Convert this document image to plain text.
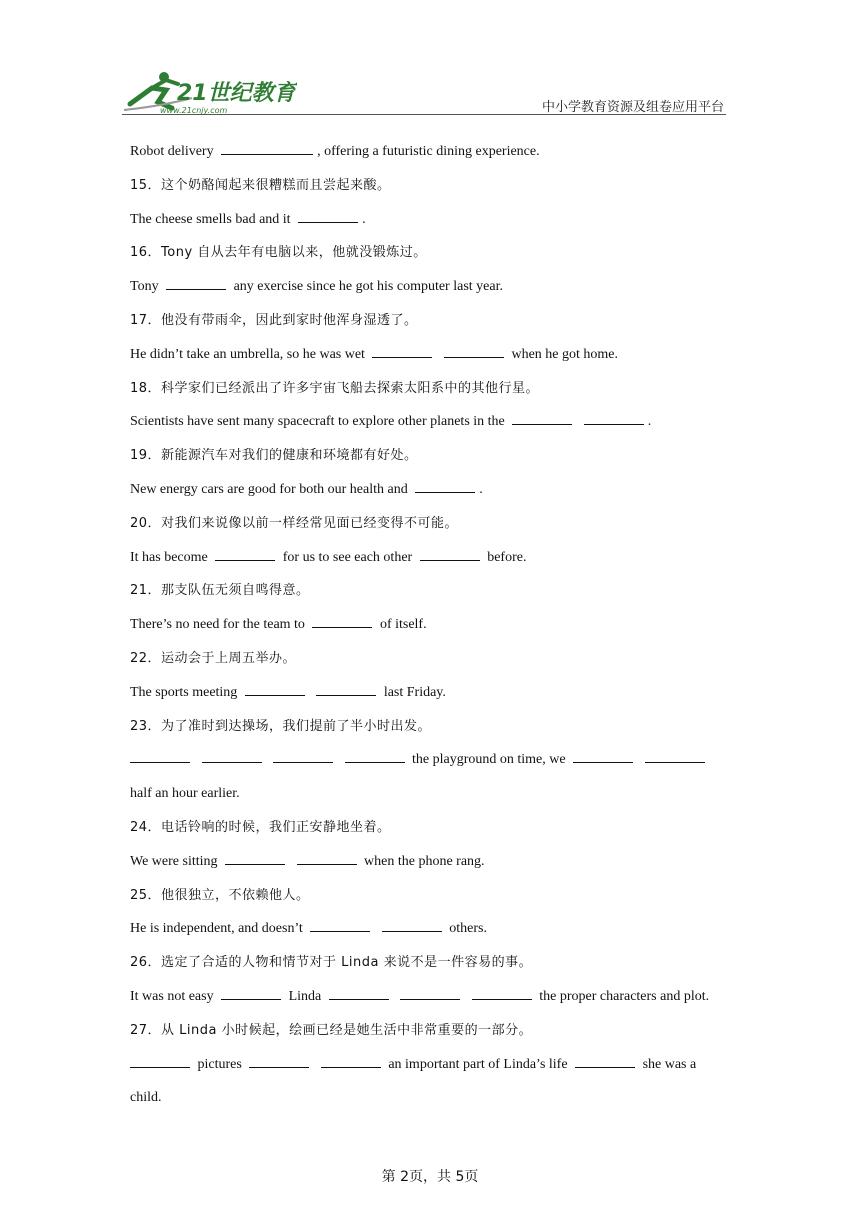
21世纪教育
www.21cnjy.com	中小学教育资源及组卷应用平台
Robot delivery	, offering a futuristic dining experience.
15．这个奶酪闻起来很糟糕而且尝起来酸。
The cheese smells bad and it	.
16．Tony 自从去年有电脑以来，他就没锻炼过。
Tony	any exercise since he got his computer last year.
17．他没有带雨伞，因此到家时他浑身湿透了。
He didn’t take an umbrella, so he was wet	when he got home.
18．科学家们已经派出了许多宇宙飞船去探索太阳系中的其他行星。
Scientists have sent many spacecraft to explore other planets in the	.
19．新能源汽车对我们的健康和环境都有好处。
New energy cars are good for both our health and	.
20．对我们来说像以前一样经常见面已经变得不可能。
It has become	for us to see each other	before.
21．那支队伍无须自鸣得意。
There’s no need for the team to	of itself.
22．运动会于上周五举办。
The sports meeting	last Friday.
23．为了准时到达操场，我们提前了半小时出发。
the playground on time, we
half an hour earlier.
24．电话铃响的时候，我们正安静地坐着。
We were sitting	when the phone rang.
25．他很独立，不依赖他人。
He is independent, and doesn’t	others.
26．选定了合适的人物和情节对于 Linda 来说不是一件容易的事。
It was not easy	Linda	the proper characters and plot.
27．从 Linda 小时候起，绘画已经是她生活中非常重要的一部分。
pictures	an important part of Linda’s life	she was a
child.
第 2页，共 5页
